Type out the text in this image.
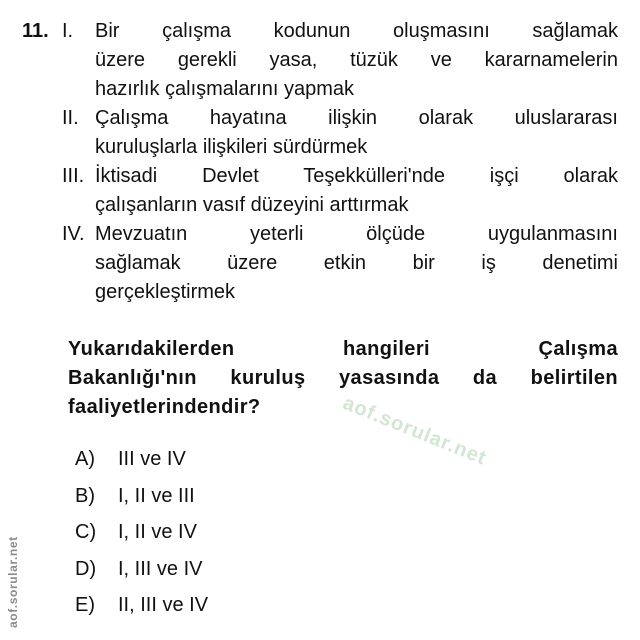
aof.sorular.net
aof.sorular.net
11. I.	Bir çalışma kodunun oluşmasını sağlamak
üzere gerekli yasa, tüzük ve kararnamelerin
hazırlık çalışmalarını yapmak
II. Çalışma hayatına ilişkin olarak uluslararası
kuruluşlarla ilişkileri sürdürmek
III. İktisadi Devlet Teşekkülleri'nde işçi olarak
çalışanların vasıf düzeyini arttırmak
IV. Mevzuatın yeterli ölçüde uygulanmasını
sağlamak üzere etkin bir iş denetimi
gerçekleştirmek
Yukarıdakilerden hangileri Çalışma
Bakanlığı'nın kuruluş yasasında da belirtilen
faaliyetlerindendir?
A)	III ve IV
B)	I, II ve III
C)	I, II ve IV
D)	I, III ve IV
E)	II, III ve IV
